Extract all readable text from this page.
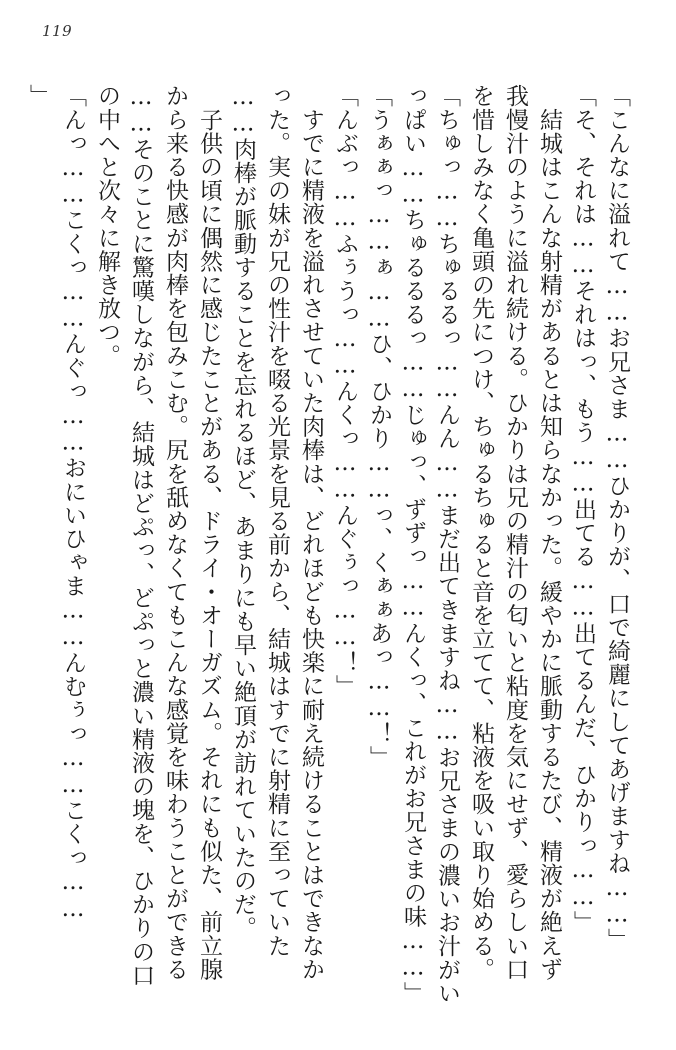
119
「こんなに溢れて……お兄さま……ひかりが、口で綺麗にしてあげますね……」
「そ、それは……それはっ、もう……出てる……出てるんだ、ひかりっ……」
　結城はこんな射精があるとは知らなかった。緩やかに脈動するたび、精液が絶えず
我慢汁のように溢れ続ける。ひかりは兄の精汁の匂いと粘度を気にせず、愛らしい口
を惜しみなく亀頭の先につけ、ちゅるちゅると音を立てて、粘液を吸い取り始める。
「ちゅっ……ちゅるるっ……んん……まだ出てきますね……お兄さまの濃いお汁がい
っぱい……ちゅるるるっ……じゅっ、ずずっ……んくっ、これがお兄さまの味……」
「うぁぁっ……ぁ……ひ、ひかり……っ、くぁぁあっ……！」
「んぶっ……ふぅうっ……んくっ……んぐぅっ……！」
　すでに精液を溢れさせていた肉棒は、どれほども快楽に耐え続けることはできなか
った。実の妹が兄の性汁を啜る光景を見る前から、結城はすでに射精に至っていた
……肉棒が脈動することを忘れるほど、あまりにも早い絶頂が訪れていたのだ。
　子供の頃に偶然に感じたことがある、ドライ・オーガズム。それにも似た、前立腺
から来る快感が肉棒を包みこむ。尻を舐めなくてもこんな感覚を味わうことができる
……そのことに驚嘆しながら、結城はどぷっ、どぷっと濃い精液の塊を、ひかりの口
の中へと次々に解き放つ。
「んっ……こくっ……んぐっ……おにいひゃま……んむぅっ……こくっ……
」
